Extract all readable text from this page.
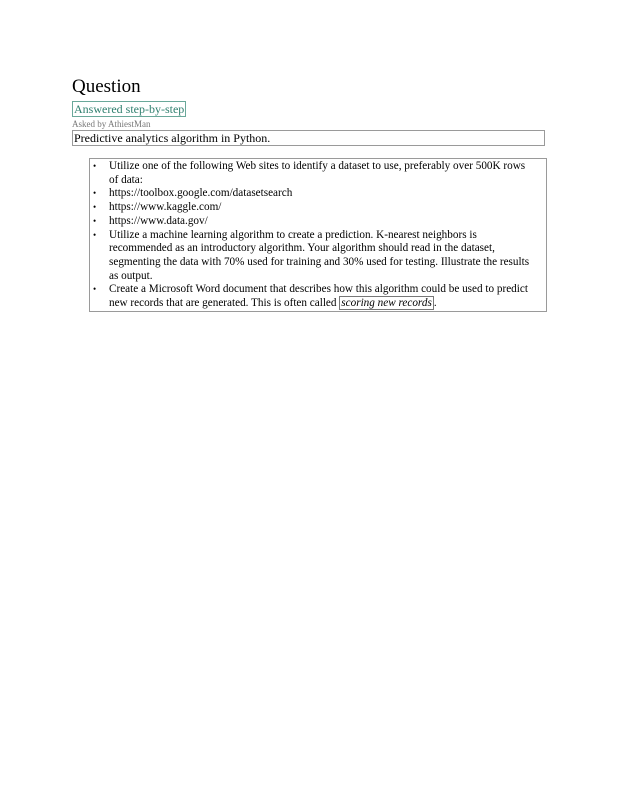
Question
Answered step-by-step
Asked by AthiestMan
Predictive analytics algorithm in Python.
• Utilize one of the following Web sites to identify a dataset to use, preferably over 500K rows of data:
• https://toolbox.google.com/datasetsearch
• https://www.kaggle.com/
• https://www.data.gov/
• Utilize a machine learning algorithm to create a prediction. K-nearest neighbors is recommended as an introductory algorithm. Your algorithm should read in the dataset, segmenting the data with 70% used for training and 30% used for testing. Illustrate the results as output.
• Create a Microsoft Word document that describes how this algorithm could be used to predict new records that are generated. This is often called scoring new records .
